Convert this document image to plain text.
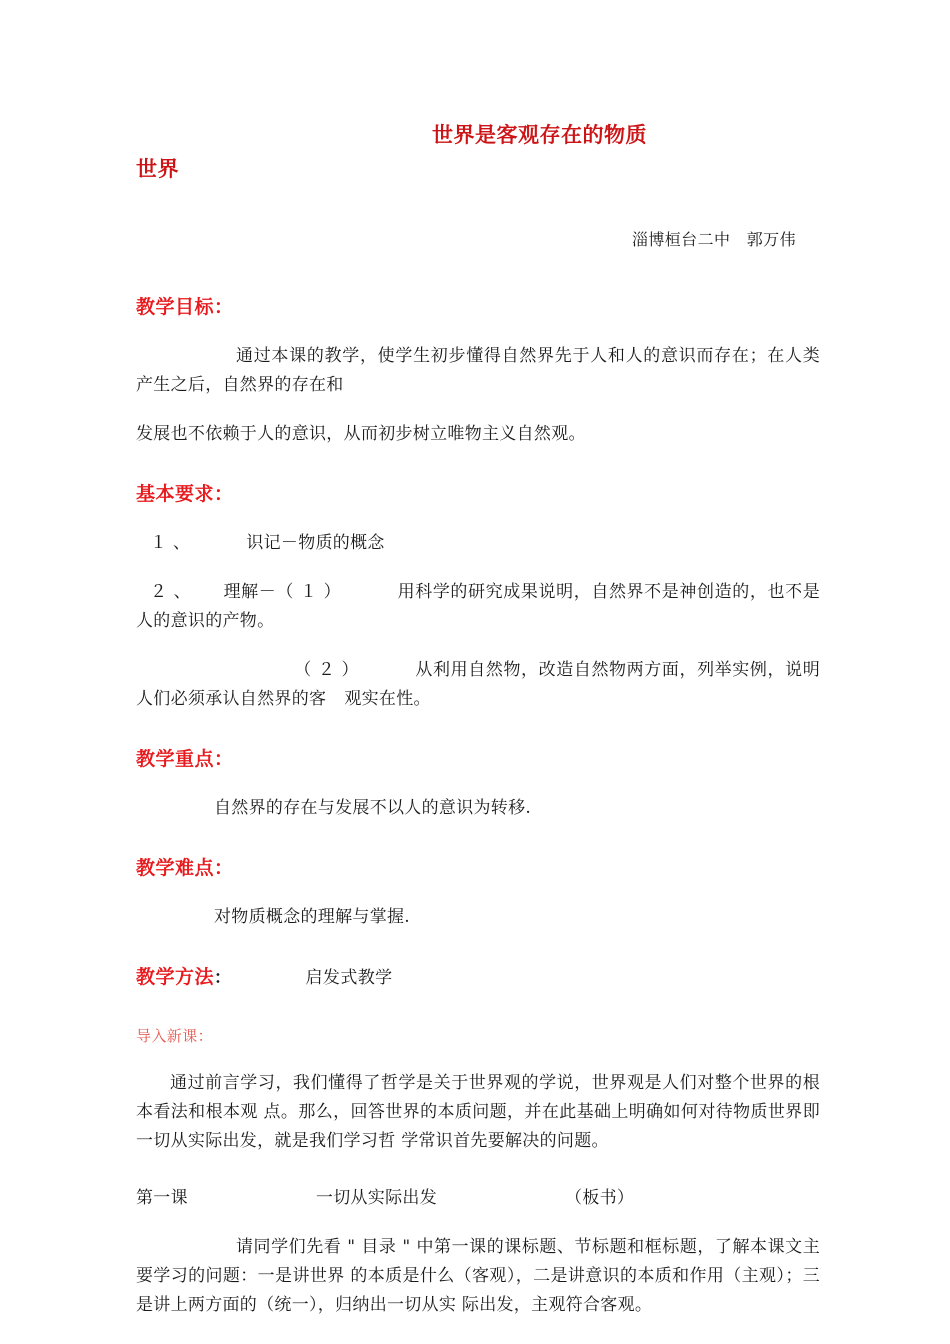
世界是客观存在的物质
世界

淄博桓台二中　郭万伟

教学目标：

通过本课的教学，使学生初步懂得自然界先于人和人的意识而存在；在人类产生之后，自然界的存在和

发展也不依赖于人的意识，从而初步树立唯物主义自然观。

基本要求：

１ 、	识记－物质的概念

２ 、 理解－（ １ ）	用科学的研究成果说明，自然界不是神创造的，也不是人的意识的产物。

（ ２ ）	从利用自然物，改造自然物两方面，列举实例，说明人们必须承认自然界的客 观实在性。

教学重点：

自然界的存在与发展不以人的意识为转移.

教学难点：

对物质概念的理解与掌握.

教学方法：	启发式教学
导入新课：

通过前言学习，我们懂得了哲学是关于世界观的学说，世界观是人们对整个世界的根本看法和根本观 点。那么，回答世界的本质问题，并在此基础上明确如何对待物质世界即一切从实际出发，就是我们学习哲 学常识首先要解决的问题。

第一课	一切从实际出发	（板书）

请同学们先看 " 目录 " 中第一课的课标题、节标题和框标题，了解本课文主要学习的问题：一是讲世界 的本质是什么（客观），二是讲意识的本质和作用（主观）；三是讲上两方面的（统一），归纳出一切从实 际出发，主观符合客观。
